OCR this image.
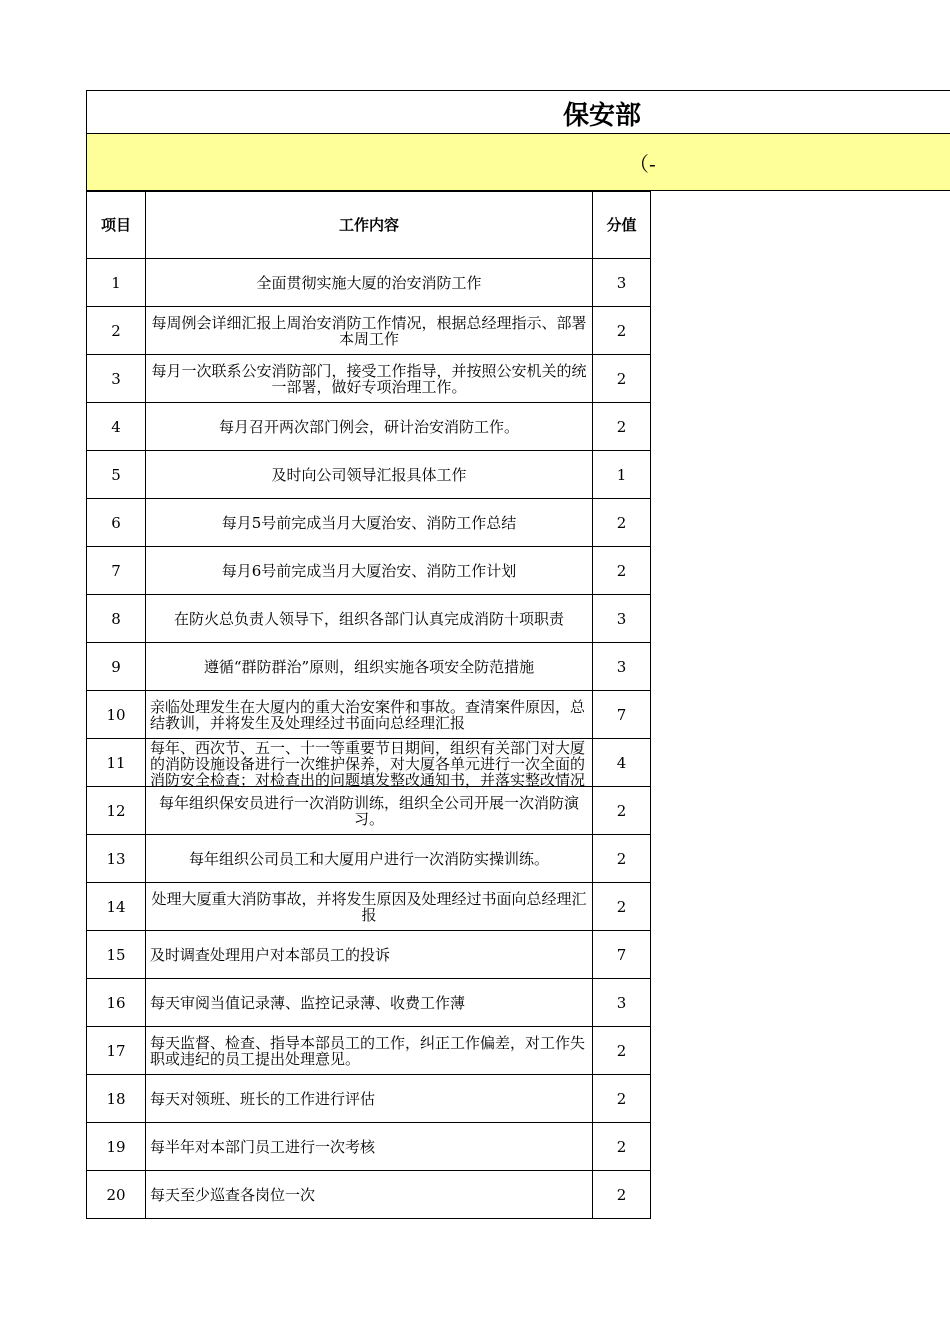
保安部
（-
项目	工作内容	分值
1	全面贯彻实施大厦的治安消防工作	3
2	每周例会详细汇报上周治安消防工作情况，根据总经理指示、部署本周工作	2
3	每月一次联系公安消防部门，接受工作指导，并按照公安机关的统一部署，做好专项治理工作。	2
4	每月召开两次部门例会，研计治安消防工作。	2
5	及时向公司领导汇报具体工作	1
6	每月5号前完成当月大厦治安、消防工作总结	2
7	每月6号前完成当月大厦治安、消防工作计划	2
8	在防火总负责人领导下，组织各部门认真完成消防十项职责	3
9	遵循“群防群治”原则，组织实施各项安全防范措施	3
10	亲临处理发生在大厦内的重大治安案件和事故。查清案件原因，总结教训，并将发生及处理经过书面向总经理汇报	7
11	每年、西次节、五一、十一等重要节日期间，组织有关部门对大厦的消防设施设备进行一次维护保养，对大厦各单元进行一次全面的消防安全检查；对检查出的问题填发整改通知书，并落实整改情况	4
12	每年组织保安员进行一次消防训练，组织全公司开展一次消防演习。	2
13	每年组织公司员工和大厦用户进行一次消防实操训练。	2
14	处理大厦重大消防事故，并将发生原因及处理经过书面向总经理汇报	2
15	及时调查处理用户对本部员工的投诉	7
16	每天审阅当值记录薄、监控记录薄、收费工作薄	3
17	每天监督、检查、指导本部员工的工作，纠正工作偏差，对工作失职或违纪的员工提出处理意见。	2
18	每天对领班、班长的工作进行评估	2
19	每半年对本部门员工进行一次考核	2
20	每天至少巡查各岗位一次	2
